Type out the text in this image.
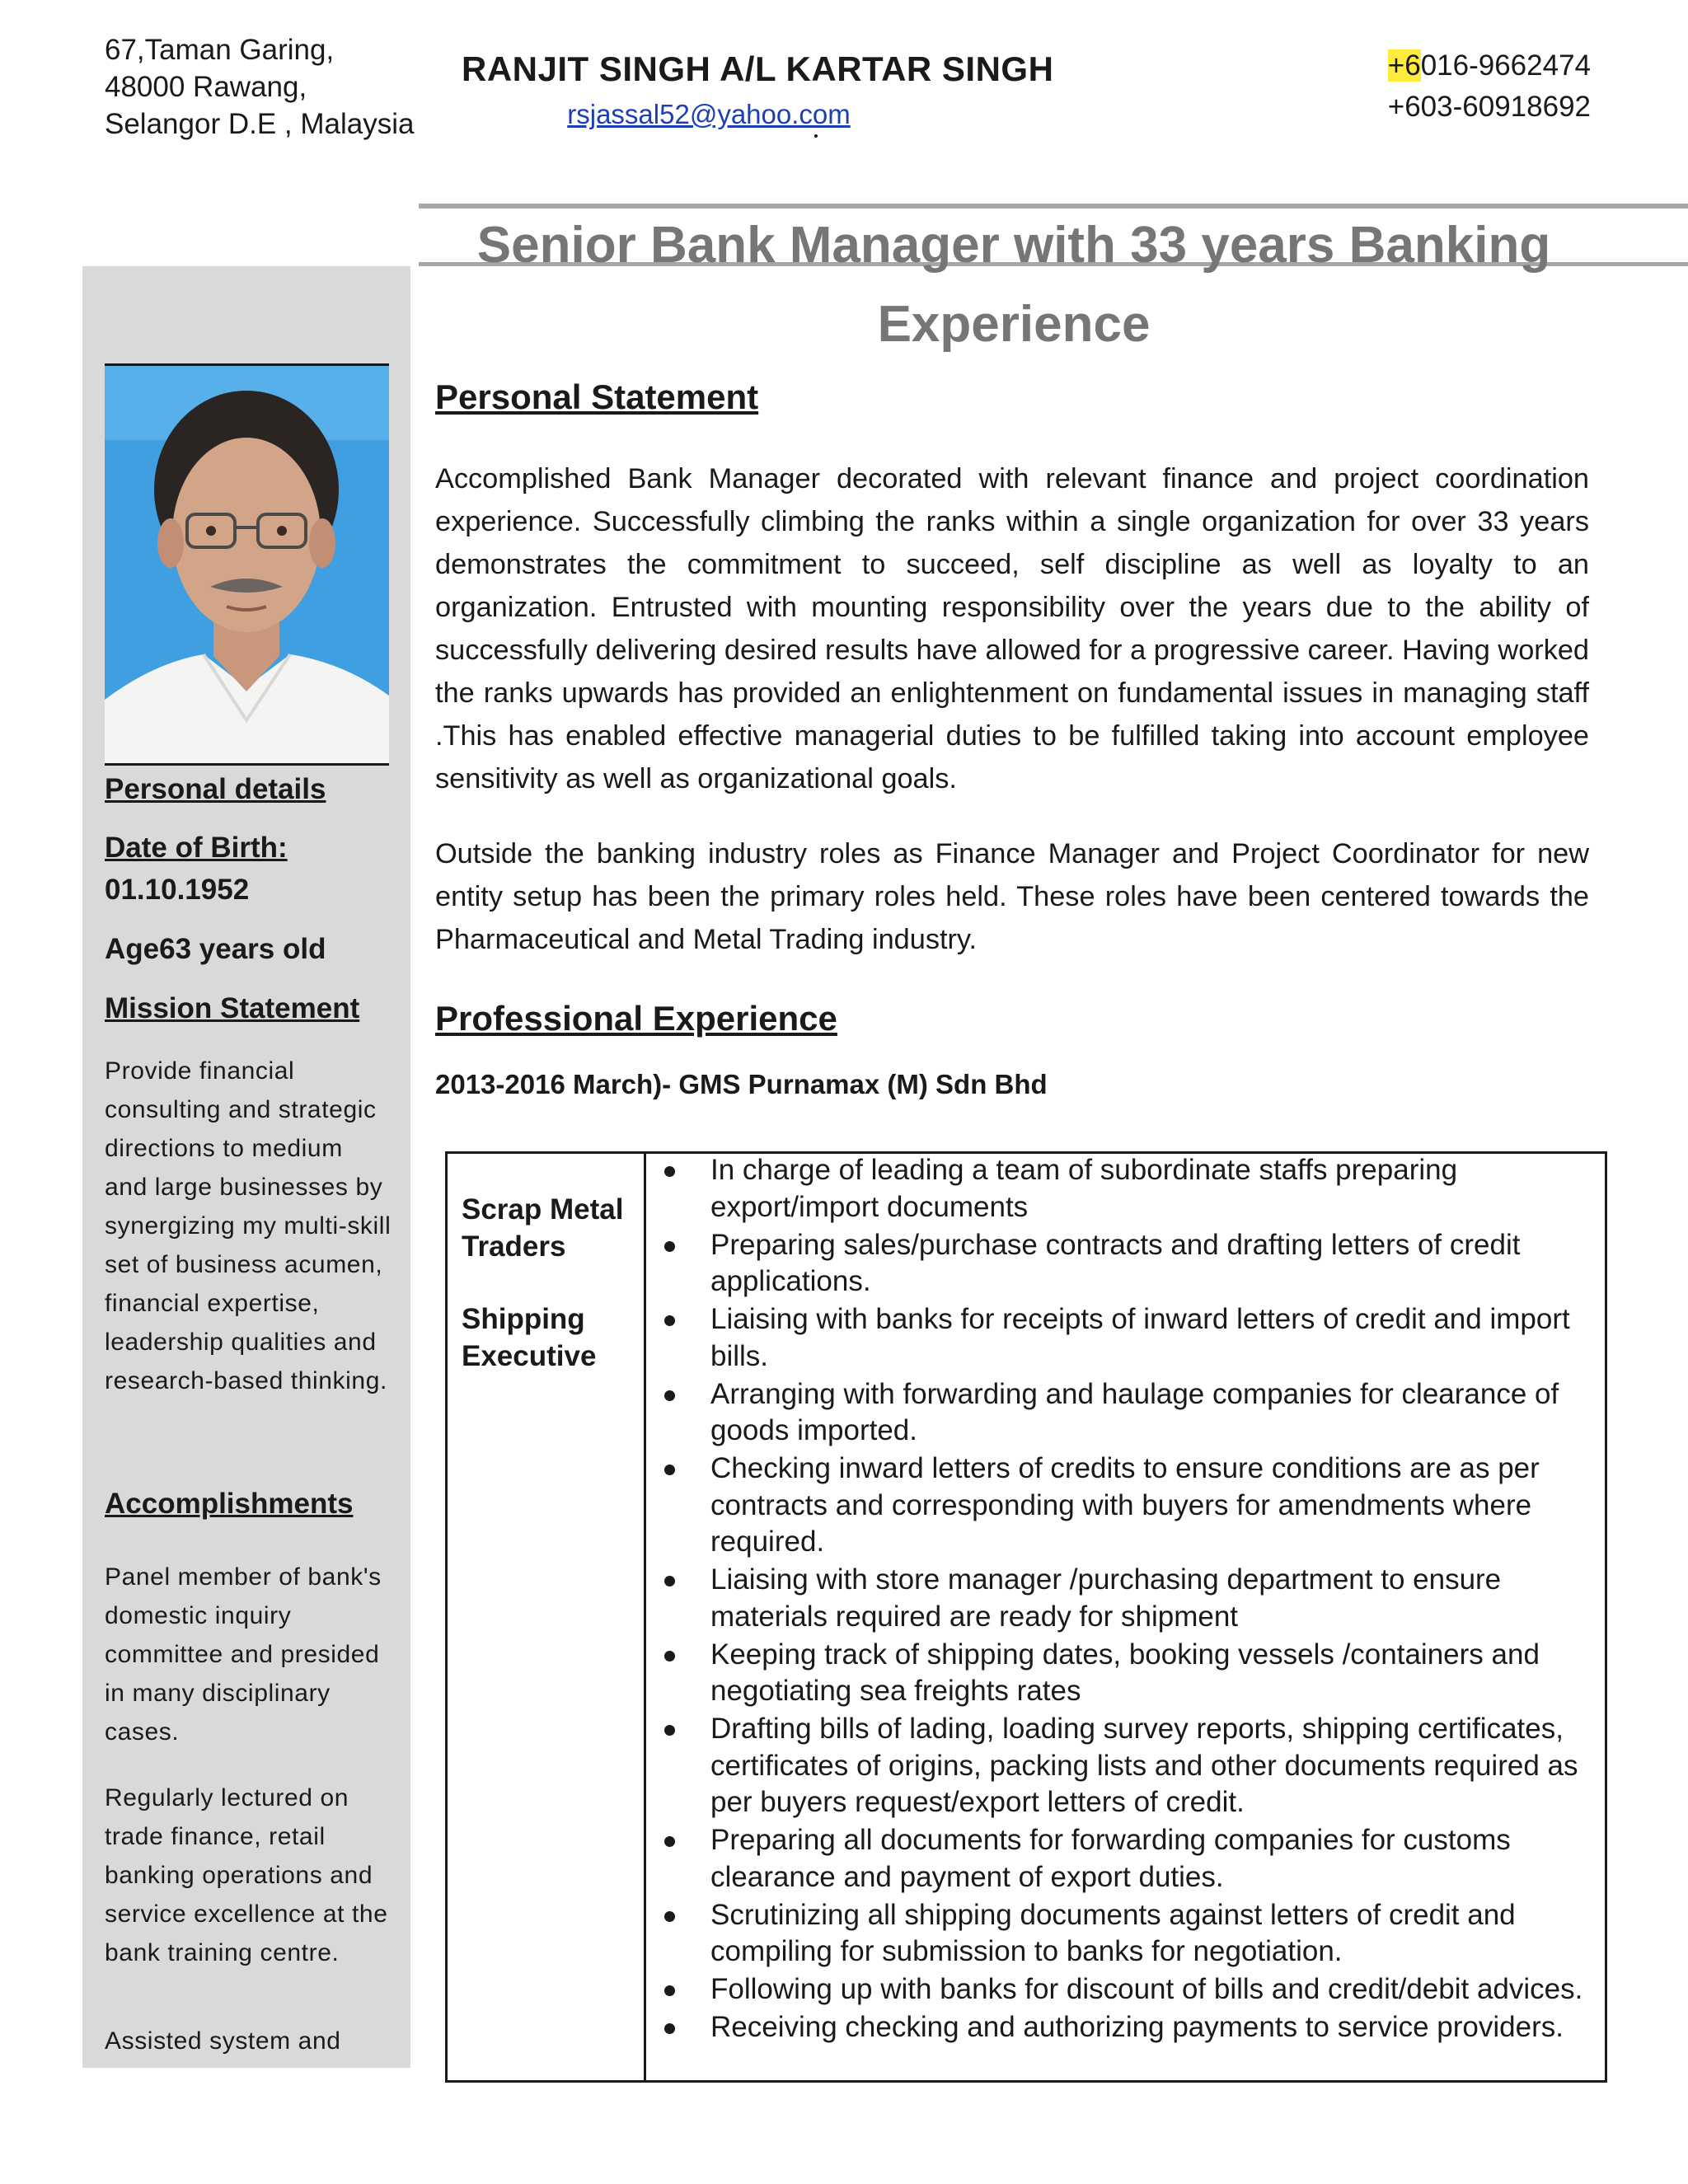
67,Taman Garing,
48000 Rawang,
Selangor D.E , Malaysia
RANJIT SINGH A/L KARTAR SINGH
rsjassal52@yahoo.com
+6016-9662474
+603-60918692
Senior Bank Manager with 33 years Banking
Experience
Personal details
Date of Birth:
01.10.1952
Age63 years old
Mission Statement
Provide financial
consulting and strategic
directions to medium
and large businesses by
synergizing my multi-skill
set of business acumen,
financial expertise,
leadership qualities and
research-based thinking.
Accomplishments
Panel member of bank's
domestic inquiry
committee and presided
in many disciplinary
cases.
Regularly lectured on
trade finance, retail
banking operations and
service excellence at the
bank training centre.
Assisted system and
Personal Statement
Accomplished Bank Manager decorated with relevant finance and project coordination experience. Successfully climbing the ranks within a single organization for over 33 years demonstrates the commitment to succeed, self discipline as well as loyalty to an organization. Entrusted with mounting responsibility over the years due to the ability of successfully delivering desired results have allowed for a progressive career. Having worked the ranks upwards has provided an enlightenment on fundamental issues in managing staff .This has enabled effective managerial duties to be fulfilled taking into account employee sensitivity as well as organizational goals.
Outside the banking industry roles as Finance Manager and Project Coordinator for new entity setup has been the primary roles held. These roles have been centered towards the Pharmaceutical and Metal Trading industry.
Professional Experience
2013-2016 March)- GMS Purnamax (M) Sdn Bhd
Scrap Metal
Traders
Shipping
Executive
In charge of leading a team of subordinate staffs preparing export/import documents
Preparing sales/purchase contracts and drafting letters of credit applications.
Liaising with banks for receipts of inward letters of credit and import bills.
Arranging with forwarding and haulage companies for clearance of goods imported.
Checking inward letters of credits to ensure conditions are as per contracts and corresponding with buyers for amendments where required.
Liaising with store manager /purchasing department to ensure materials required are ready for shipment
Keeping track of shipping dates, booking vessels /containers and negotiating sea freights rates
Drafting bills of lading, loading survey reports, shipping certificates, certificates of origins, packing lists and other documents required as per buyers request/export letters of credit.
Preparing all documents for forwarding companies for customs clearance and payment of export duties.
Scrutinizing all shipping documents against letters of credit and compiling for submission to banks for negotiation.
Following up with banks for discount of bills and credit/debit advices.
Receiving checking and authorizing payments to service providers.
